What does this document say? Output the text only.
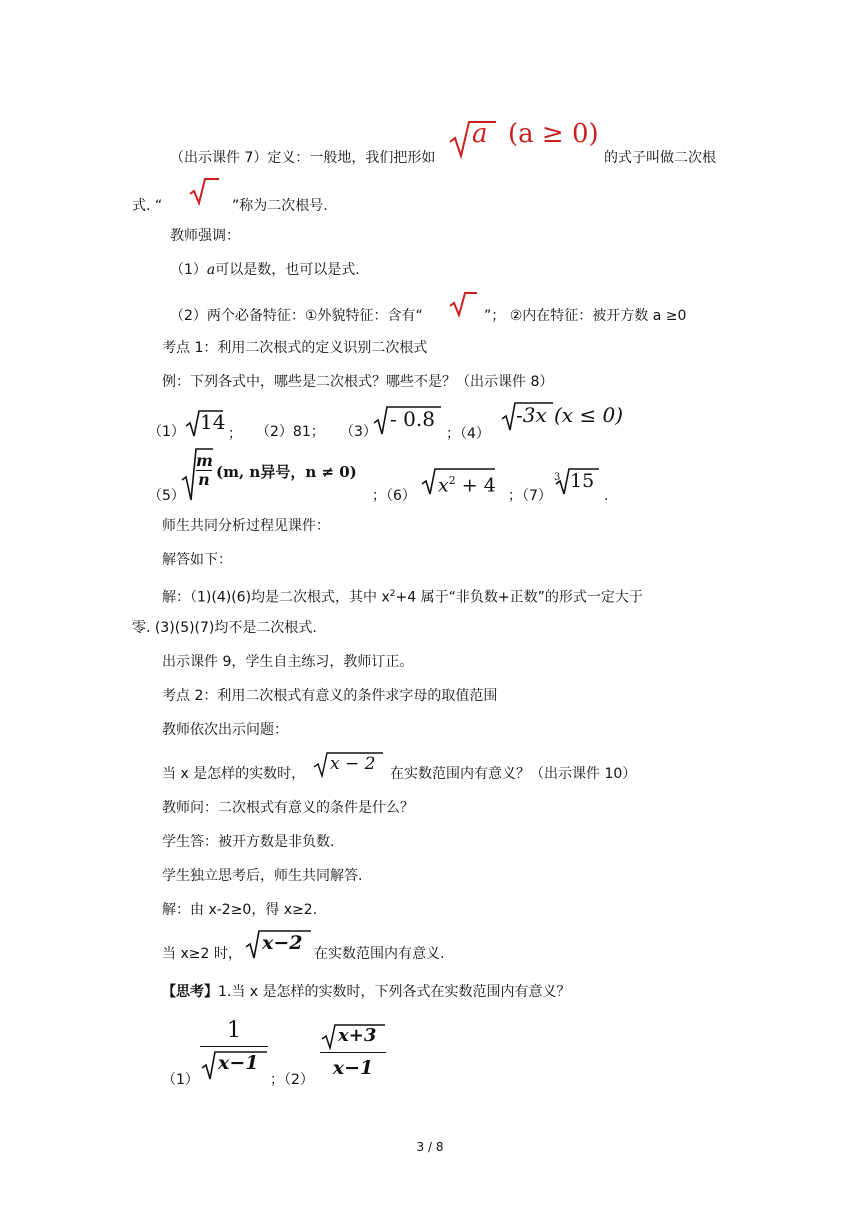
（出示课件 7）定义：一般地，我们把形如
a (a ≥ 0)
的式子叫做二次根
式. “	”称为二次根号.
教师强调：
（1）a可以是数，也可以是式.
（2）两个必备特征：①外貌特征：含有“	”； ②内在特征：被开方数 a ≥0
考点 1：利用二次根式的定义识别二次根式
例：下列各式中，哪些是二次根式？哪些不是？（出示课件 8）
（1） 14 ； （2）81； （3）
- 0.8
；（4）
-3x (x ≤ 0)
（5）
m
n (m, n异号，n ≠ 0)
；（6） $x^2 + 4$ ；（7）
3 15
.
师生共同分析过程见课件：
解答如下：
解：（1)(4)(6)均是二次根式，其中 $x^2+4$ 属于“非负数+正数”的形式一定大于
零. (3)(5)(7)均不是二次根式.
出示课件 9，学生自主练习，教师订正。
考点 2：利用二次根式有意义的条件求字母的取值范围
教师依次出示问题：
当 x 是怎样的实数时， x − 2 在实数范围内有意义？（出示课件 10）
教师问：二次根式有意义的条件是什么？
学生答：被开方数是非负数.
学生独立思考后，师生共同解答.
解：由 x-2≥0，得 x≥2.
当 x≥2 时， x−2 在实数范围内有意义.
【思考】1.当 x 是怎样的实数时，下列各式在实数范围内有意义？
$(1) \frac{1}{x-1}$ ；$(2) \frac{x+3}{x-1}$
3 / 8
